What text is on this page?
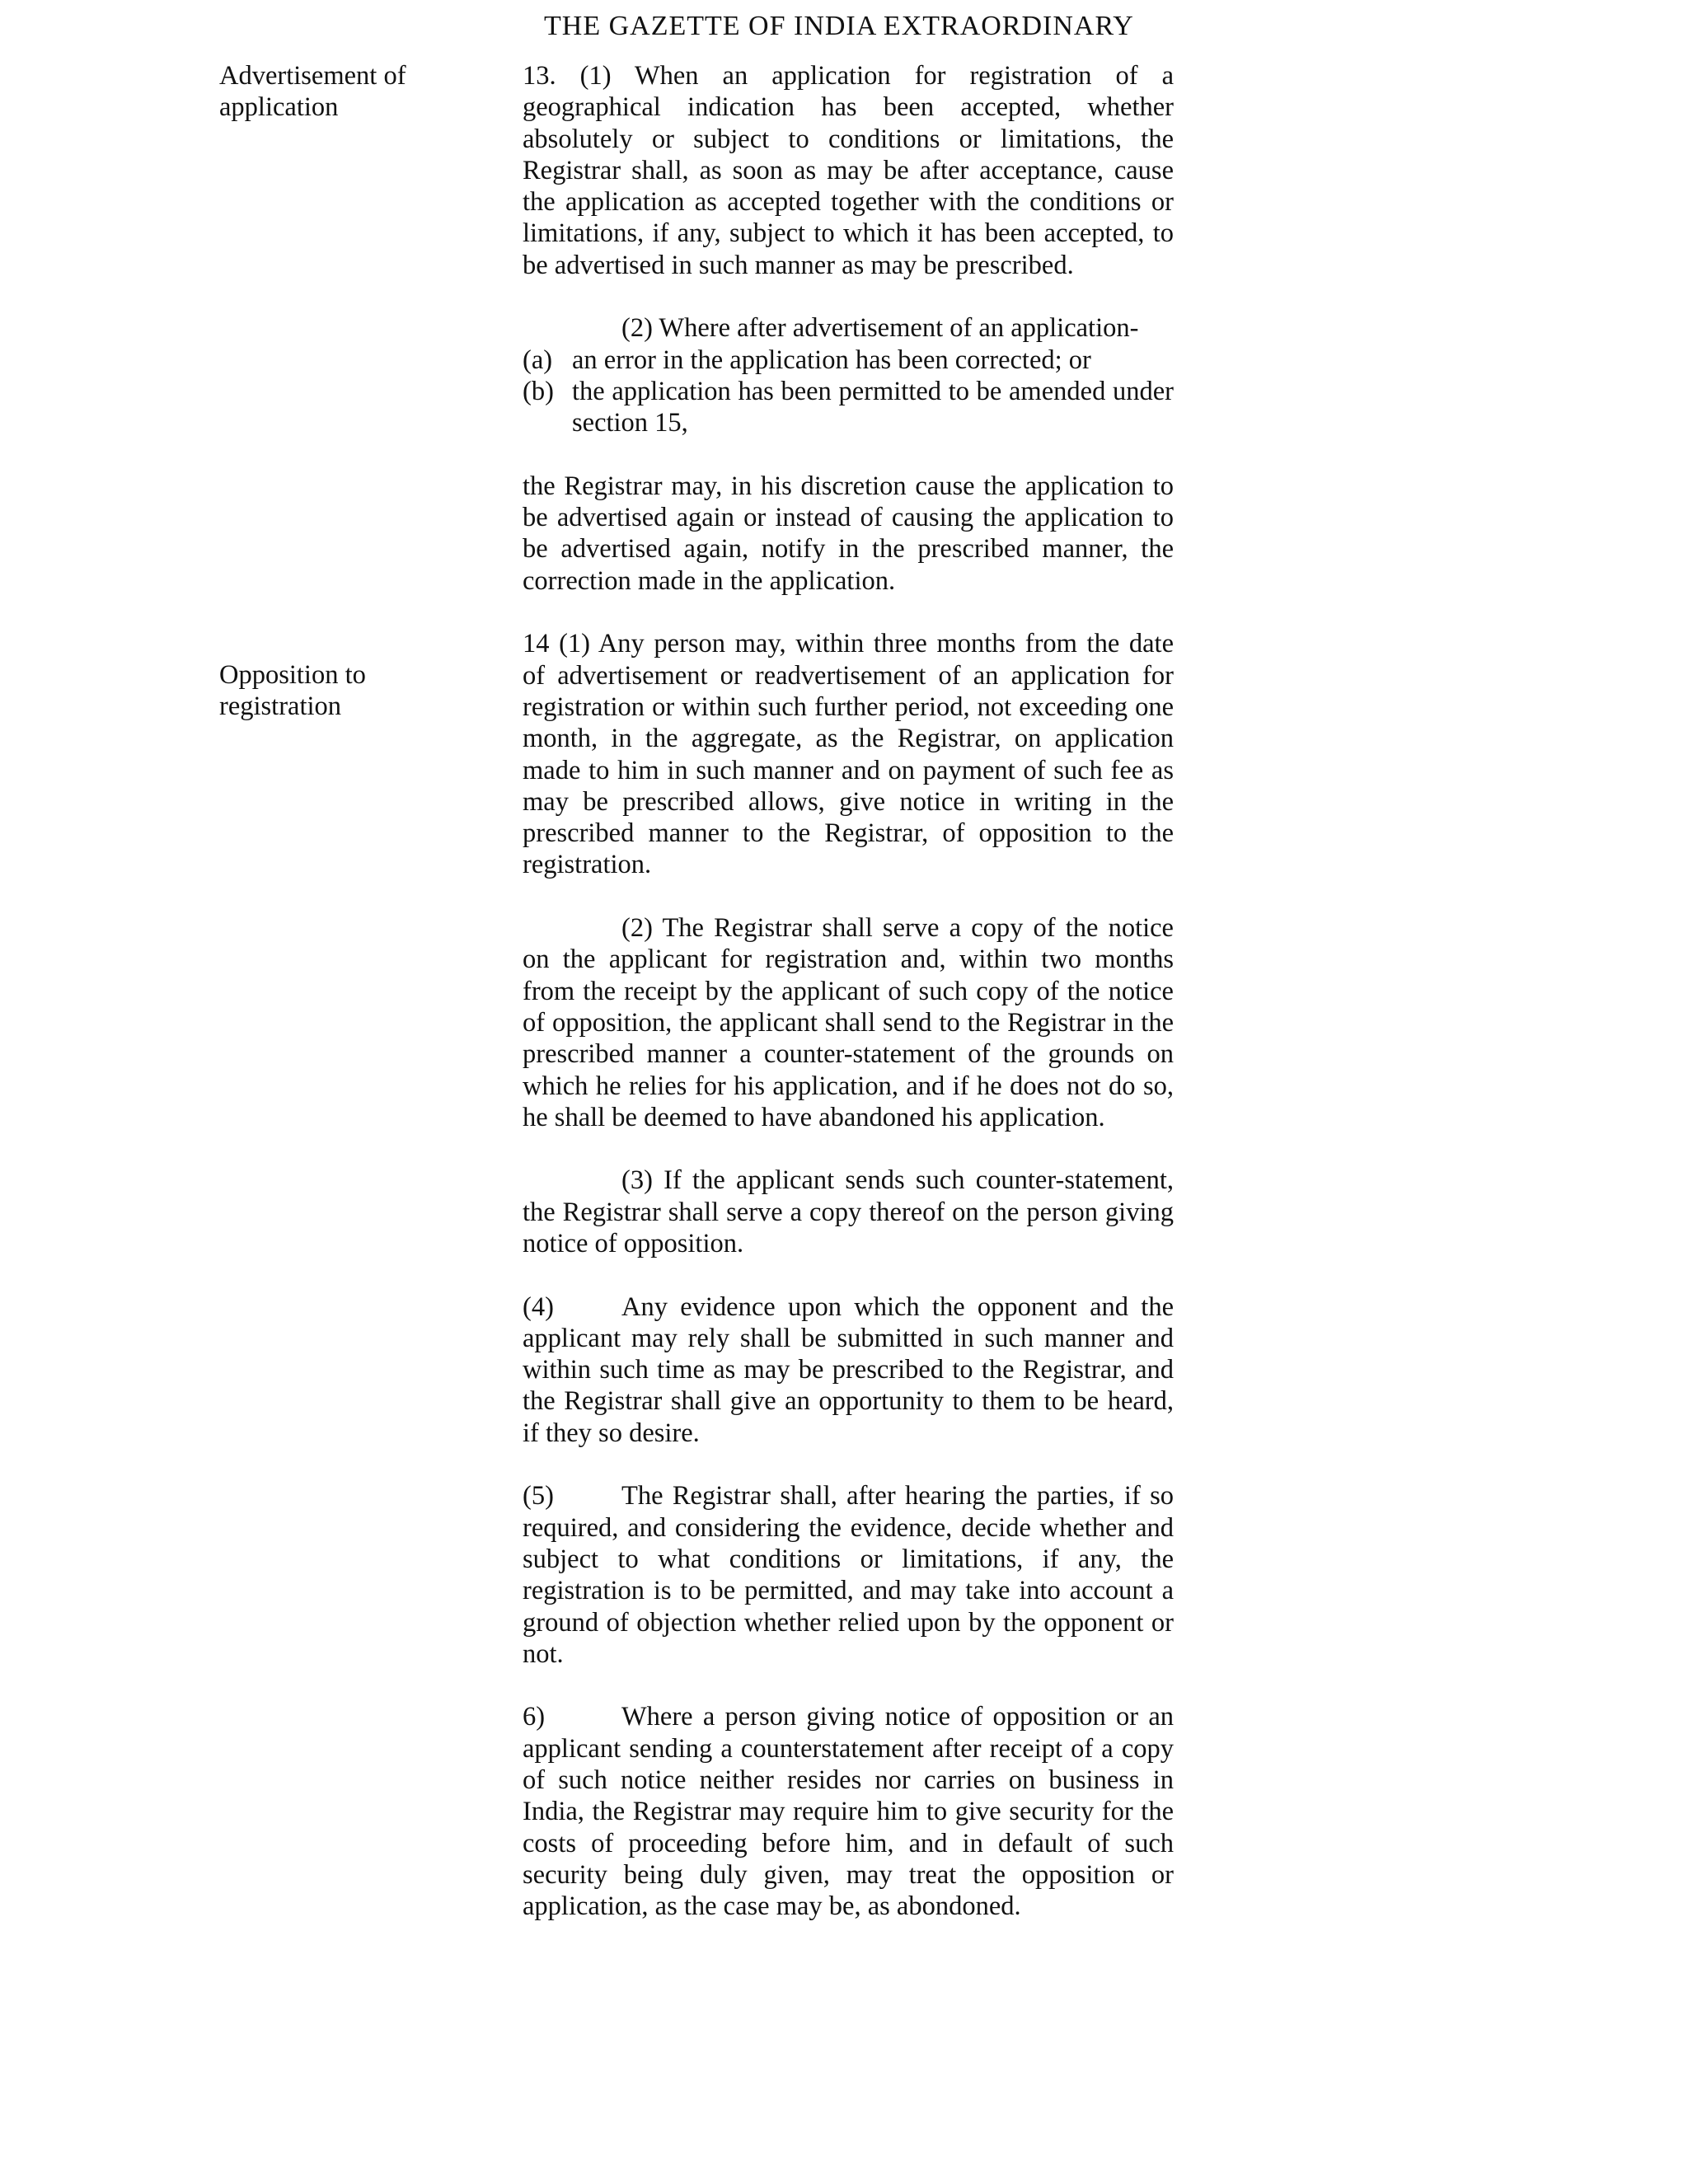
THE GAZETTE OF INDIA EXTRAORDINARY
Advertisement of application
Opposition to registration

13. (1) When an application for registration of a geographical indication has been accepted, whether absolutely or subject to conditions or limitations, the Registrar shall, as soon as may be after acceptance, cause the application as accepted together with the conditions or limitations, if any, subject to which it has been accepted, to be advertised in such manner as may be prescribed.

(2) Where after advertisement of an application-

(a) an error in the application has been corrected; or
(b) the application has been permitted to be amended under section 15,

the Registrar may, in his discretion cause the application to be advertised again or instead of causing the application to be advertised again, notify in the prescribed manner, the correction made in the application.

14 (1) Any person may, within three months from the date of advertisement or readvertisement of an application for registration or within such further period, not exceeding one month, in the aggregate, as the Registrar, on application made to him in such manner and on payment of such fee as may be prescribed allows, give notice in writing in the prescribed manner to the Registrar, of opposition to the registration.

(2) The Registrar shall serve a copy of the notice on the applicant for registration and, within two months from the receipt by the applicant of such copy of the notice of opposition, the applicant shall send to the Registrar in the prescribed manner a counter-statement of the grounds on which he relies for his application, and if he does not do so, he shall be deemed to have abandoned his application.

(3) If the applicant sends such counter-statement, the Registrar shall serve a copy thereof on the person giving notice of opposition.

(4)	Any evidence upon which the opponent and the applicant may rely shall be submitted in such manner and within such time as may be prescribed to the Registrar, and the Registrar shall give an opportunity to them to be heard, if they so desire.

(5)	The Registrar shall, after hearing the parties, if so required, and considering the evidence, decide whether and subject to what conditions or limitations, if any, the registration is to be permitted, and may take into account a ground of objection whether relied upon by the opponent or not.

6)	Where a person giving notice of opposition or an applicant sending a counterstatement after receipt of a copy of such notice neither resides nor carries on business in India, the Registrar may require him to give security for the costs of proceeding before him, and in default of such security being duly given, may treat the opposition or application, as the case may be, as abondoned.
